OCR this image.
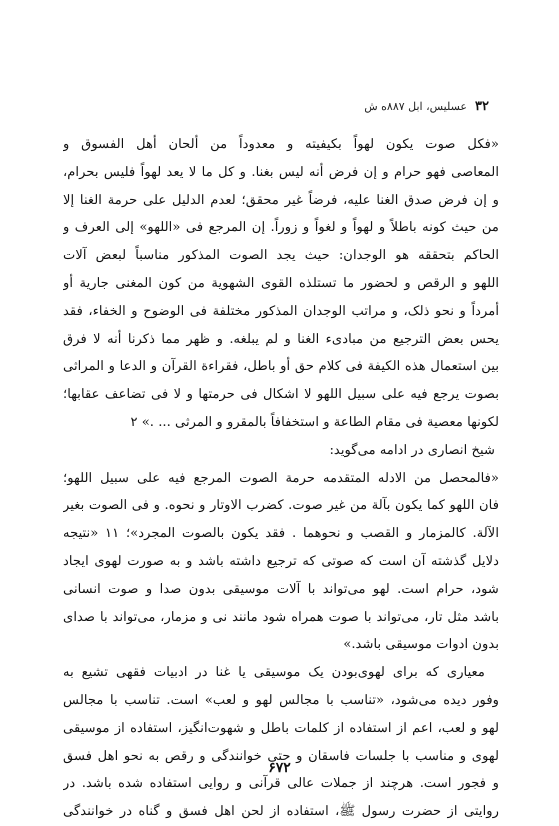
۳۲
عسلیس، ابل ۸۸۷ه ش

«فکل صوت یکون لهواً بکیفیته و معدوداً من ألحان أهل الفسوق و

المعاصی فهو حرام و إن فرض أنه لیس بغنا. و کل ما لا یعد لهواً فلیس بحرام،

و إن فرض صدق الغنا علیه، فرضاً غیر محقق؛ لعدم الدلیل علی حرمة الغنا إلا

من حیث کونه باطلاً و لهواً و لغواً و زوراً. إن المرجع فی «اللهو» إلی العرف و

الحاکم بتحققه هو الوجدان: حیث یجد الصوت المذکور مناسباً لبعض آلات

اللهو و الرقص و لحضور ما تستلذه القوی الشهویة من کون المغنی جاریة أو

أمرداً و نحو ذلک، و مراتب الوجدان المذکور مختلفة فی الوضوح و الخفاء، فقد

یحس بعض الترجیع من مبادیء الغنا و لم یبلغه. و ظهر مما ذکرنا أنه لا فرق

بین استعمال هذه الکیفة فی کلام حق أو باطل، فقراءة القرآن و الدعا و المراثی

بصوت یرجع فیه علی سبیل اللهو لا اشکال فی حرمتها و لا فی تضاعف عقابها؛

لکونها معصیة فی مقام الطاعة و استخفافاً بالمقرو و المرثی ... .» ۲

شیخ انصاری در ادامه می‌گوید:

«فالمحصل من الادله المتقدمه حرمة الصوت المرجع فیه علی سبیل اللهو؛

فان اللهو کما یکون بآلة من غیر صوت. کضرب الاوتار و نحوه. و فی الصوت بغیر

الآلة. کالمزمار و القصب و نحوهما . فقد یکون بالصوت المجرد»؛ ۱۱ «نتیجه

دلایل گذشته آن است که صوتی که ترجیع داشته باشد و به صورت لهوی ایجاد

شود، حرام است. لهو می‌تواند با آلات موسیقی بدون صدا و صوت انسانی

باشد مثل تار، می‌تواند با صوت همراه شود مانند نی و مزمار، می‌تواند با صدای

بدون ادوات موسیقی باشد.»

معیاری که برای لهوی‌بودن یک موسیقی یا غنا در ادبیات فقهی تشیع به

وفور دیده می‌شود، «تناسب با مجالس لهو و لعب» است. تناسب با مجالس

لهو و لعب، اعم از استفاده از کلمات باطل و شهوت‌انگیز، استفاده از موسیقی

لهوی و مناسب با جلسات فاسقان و حتی خوانندگی و رقص به نحو اهل فسق

و فجور است. هرچند از جملات عالی قرآنی و روایی استفاده شده باشد. در

روایتی از حضرت رسول ﷺ، استفاده از لحن اهل فسق و گناه در خوانندگی

۶۷۲
